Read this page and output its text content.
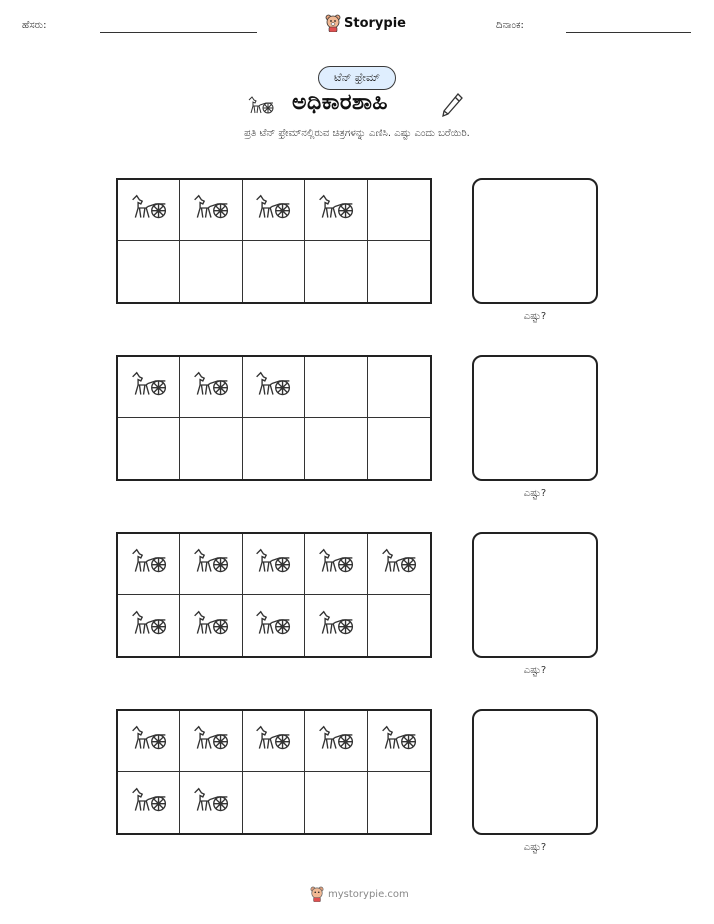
ಹೆಸರು:	Storypie	ದಿನಾಂಕ:
ಟೆನ್ ಫ್ರೇಮ್
ಅಧಿಕಾರಶಾಹಿ
ಪ್ರತಿ ಟೆನ್ ಫ್ರೇಮ್‌ನಲ್ಲಿರುವ ಚಿತ್ರಗಳನ್ನು ಎಣಿಸಿ. ಎಷ್ಟು ಎಂದು ಬರೆಯಿರಿ.
ಎಷ್ಟು?
ಎಷ್ಟು?
ಎಷ್ಟು?
ಎಷ್ಟು?
mystorypie.com
